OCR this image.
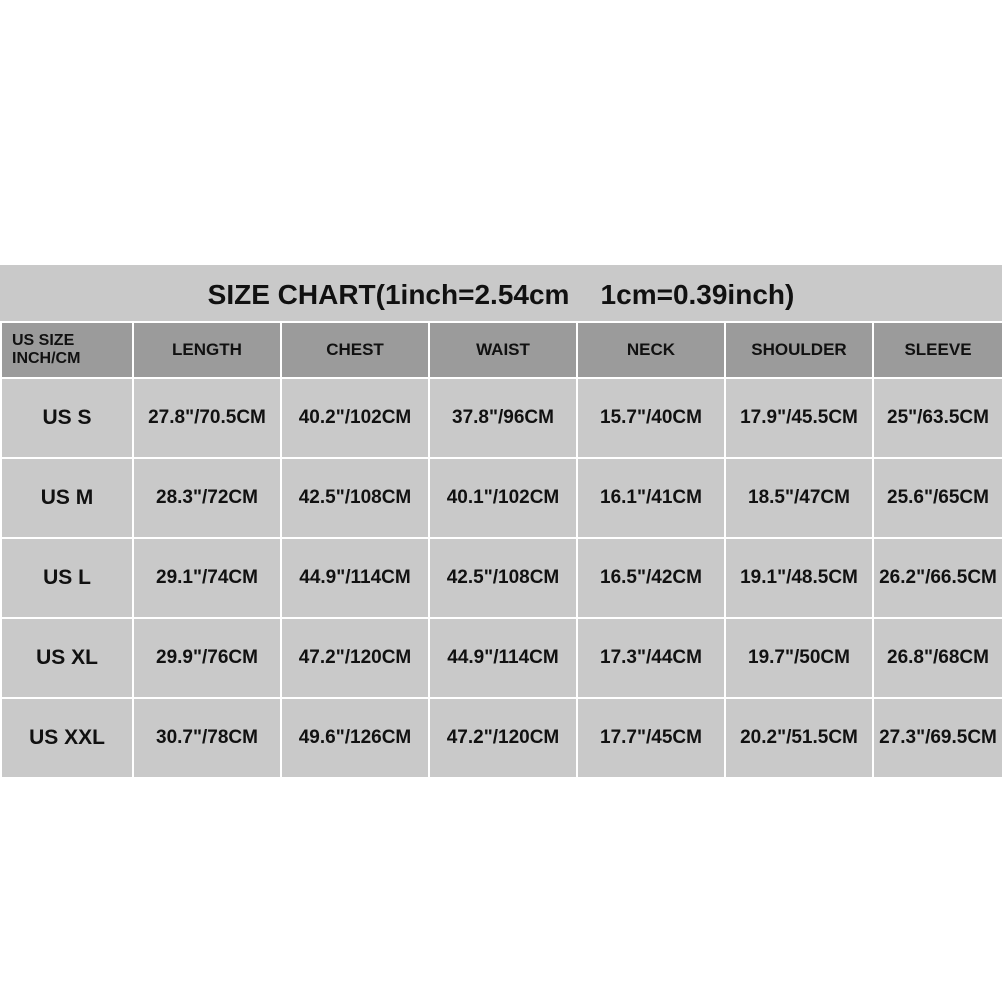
SIZE CHART(1inch=2.54cm    1cm=0.39inch)
US SIZE
INCH/CM	LENGTH	CHEST	WAIST	NECK	SHOULDER	SLEEVE
US S	27.8"/70.5CM	40.2"/102CM	37.8"/96CM	15.7"/40CM	17.9"/45.5CM	25"/63.5CM
US M	28.3"/72CM	42.5"/108CM	40.1"/102CM	16.1"/41CM	18.5"/47CM	25.6"/65CM
US L	29.1"/74CM	44.9"/114CM	42.5"/108CM	16.5"/42CM	19.1"/48.5CM	26.2"/66.5CM
US XL	29.9"/76CM	47.2"/120CM	44.9"/114CM	17.3"/44CM	19.7"/50CM	26.8"/68CM
US XXL	30.7"/78CM	49.6"/126CM	47.2"/120CM	17.7"/45CM	20.2"/51.5CM	27.3"/69.5CM
